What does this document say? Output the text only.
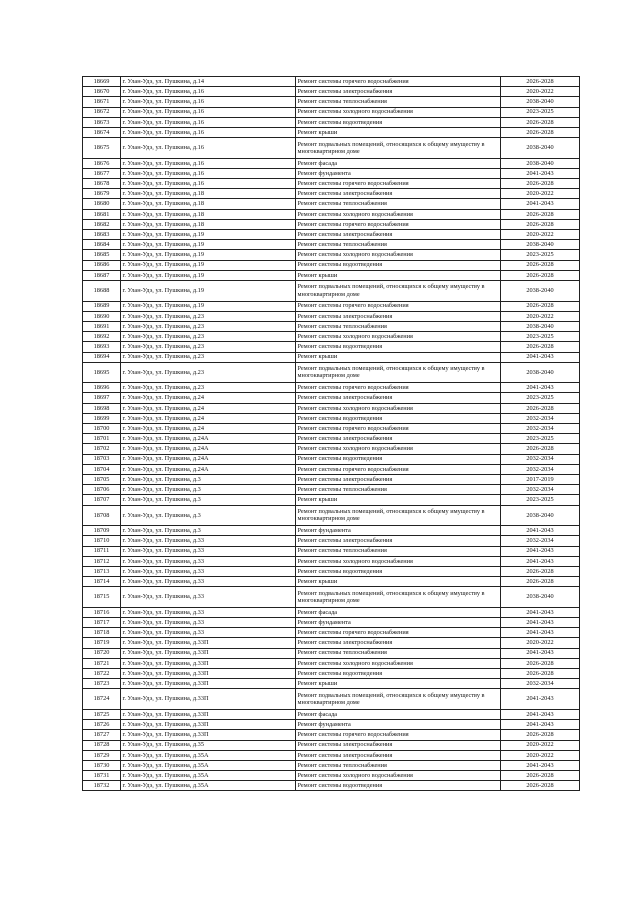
18669	г. Улан-Удэ, ул. Пушкина, д.14	Ремонт системы горячего водоснабжения	2026-2028
18670	г. Улан-Удэ, ул. Пушкина, д.16	Ремонт системы электроснабжения	2020-2022
18671	г. Улан-Удэ, ул. Пушкина, д.16	Ремонт системы теплоснабжения	2038-2040
18672	г. Улан-Удэ, ул. Пушкина, д.16	Ремонт системы холодного водоснабжения	2023-2025
18673	г. Улан-Удэ, ул. Пушкина, д.16	Ремонт системы водоотведения	2026-2028
18674	г. Улан-Удэ, ул. Пушкина, д.16	Ремонт крыши	2026-2028
18675	г. Улан-Удэ, ул. Пушкина, д.16	Ремонт подвальных помещений, относящихся к общему имуществу в многоквартирном доме	2038-2040
18676	г. Улан-Удэ, ул. Пушкина, д.16	Ремонт фасада	2038-2040
18677	г. Улан-Удэ, ул. Пушкина, д.16	Ремонт фундамента	2041-2043
18678	г. Улан-Удэ, ул. Пушкина, д.16	Ремонт системы горячего водоснабжения	2026-2028
18679	г. Улан-Удэ, ул. Пушкина, д.18	Ремонт системы электроснабжения	2020-2022
18680	г. Улан-Удэ, ул. Пушкина, д.18	Ремонт системы теплоснабжения	2041-2043
18681	г. Улан-Удэ, ул. Пушкина, д.18	Ремонт системы холодного водоснабжения	2026-2028
18682	г. Улан-Удэ, ул. Пушкина, д.18	Ремонт системы горячего водоснабжения	2026-2028
18683	г. Улан-Удэ, ул. Пушкина, д.19	Ремонт системы электроснабжения	2020-2022
18684	г. Улан-Удэ, ул. Пушкина, д.19	Ремонт системы теплоснабжения	2038-2040
18685	г. Улан-Удэ, ул. Пушкина, д.19	Ремонт системы холодного водоснабжения	2023-2025
18686	г. Улан-Удэ, ул. Пушкина, д.19	Ремонт системы водоотведения	2026-2028
18687	г. Улан-Удэ, ул. Пушкина, д.19	Ремонт крыши	2026-2028
18688	г. Улан-Удэ, ул. Пушкина, д.19	Ремонт подвальных помещений, относящихся к общему имуществу в многоквартирном доме	2038-2040
18689	г. Улан-Удэ, ул. Пушкина, д.19	Ремонт системы горячего водоснабжения	2026-2028
18690	г. Улан-Удэ, ул. Пушкина, д.23	Ремонт системы электроснабжения	2020-2022
18691	г. Улан-Удэ, ул. Пушкина, д.23	Ремонт системы теплоснабжения	2038-2040
18692	г. Улан-Удэ, ул. Пушкина, д.23	Ремонт системы холодного водоснабжения	2023-2025
18693	г. Улан-Удэ, ул. Пушкина, д.23	Ремонт системы водоотведения	2026-2028
18694	г. Улан-Удэ, ул. Пушкина, д.23	Ремонт крыши	2041-2043
18695	г. Улан-Удэ, ул. Пушкина, д.23	Ремонт подвальных помещений, относящихся к общему имуществу в многоквартирном доме	2038-2040
18696	г. Улан-Удэ, ул. Пушкина, д.23	Ремонт системы горячего водоснабжения	2041-2043
18697	г. Улан-Удэ, ул. Пушкина, д.24	Ремонт системы электроснабжения	2023-2025
18698	г. Улан-Удэ, ул. Пушкина, д.24	Ремонт системы холодного водоснабжения	2026-2028
18699	г. Улан-Удэ, ул. Пушкина, д.24	Ремонт системы водоотведения	2032-2034
18700	г. Улан-Удэ, ул. Пушкина, д.24	Ремонт системы горячего водоснабжения	2032-2034
18701	г. Улан-Удэ, ул. Пушкина, д.24А	Ремонт системы электроснабжения	2023-2025
18702	г. Улан-Удэ, ул. Пушкина, д.24А	Ремонт системы холодного водоснабжения	2026-2028
18703	г. Улан-Удэ, ул. Пушкина, д.24А	Ремонт системы водоотведения	2032-2034
18704	г. Улан-Удэ, ул. Пушкина, д.24А	Ремонт системы горячего водоснабжения	2032-2034
18705	г. Улан-Удэ, ул. Пушкина, д.3	Ремонт системы электроснабжения	2017-2019
18706	г. Улан-Удэ, ул. Пушкина, д.3	Ремонт системы теплоснабжения	2032-2034
18707	г. Улан-Удэ, ул. Пушкина, д.3	Ремонт крыши	2023-2025
18708	г. Улан-Удэ, ул. Пушкина, д.3	Ремонт подвальных помещений, относящихся к общему имуществу в многоквартирном доме	2038-2040
18709	г. Улан-Удэ, ул. Пушкина, д.3	Ремонт фундамента	2041-2043
18710	г. Улан-Удэ, ул. Пушкина, д.33	Ремонт системы электроснабжения	2032-2034
18711	г. Улан-Удэ, ул. Пушкина, д.33	Ремонт системы теплоснабжения	2041-2043
18712	г. Улан-Удэ, ул. Пушкина, д.33	Ремонт системы холодного водоснабжения	2041-2043
18713	г. Улан-Удэ, ул. Пушкина, д.33	Ремонт системы водоотведения	2026-2028
18714	г. Улан-Удэ, ул. Пушкина, д.33	Ремонт крыши	2026-2028
18715	г. Улан-Удэ, ул. Пушкина, д.33	Ремонт подвальных помещений, относящихся к общему имуществу в многоквартирном доме	2038-2040
18716	г. Улан-Удэ, ул. Пушкина, д.33	Ремонт фасада	2041-2043
18717	г. Улан-Удэ, ул. Пушкина, д.33	Ремонт фундамента	2041-2043
18718	г. Улан-Удэ, ул. Пушкина, д.33	Ремонт системы горячего водоснабжения	2041-2043
18719	г. Улан-Удэ, ул. Пушкина, д.33П	Ремонт системы электроснабжения	2020-2022
18720	г. Улан-Удэ, ул. Пушкина, д.33П	Ремонт системы теплоснабжения	2041-2043
18721	г. Улан-Удэ, ул. Пушкина, д.33П	Ремонт системы холодного водоснабжения	2026-2028
18722	г. Улан-Удэ, ул. Пушкина, д.33П	Ремонт системы водоотведения	2026-2028
18723	г. Улан-Удэ, ул. Пушкина, д.33П	Ремонт крыши	2032-2034
18724	г. Улан-Удэ, ул. Пушкина, д.33П	Ремонт подвальных помещений, относящихся к общему имуществу в многоквартирном доме	2041-2043
18725	г. Улан-Удэ, ул. Пушкина, д.33П	Ремонт фасада	2041-2043
18726	г. Улан-Удэ, ул. Пушкина, д.33П	Ремонт фундамента	2041-2043
18727	г. Улан-Удэ, ул. Пушкина, д.33П	Ремонт системы горячего водоснабжения	2026-2028
18728	г. Улан-Удэ, ул. Пушкина, д.35	Ремонт системы электроснабжения	2020-2022
18729	г. Улан-Удэ, ул. Пушкина, д.35А	Ремонт системы электроснабжения	2020-2022
18730	г. Улан-Удэ, ул. Пушкина, д.35А	Ремонт системы теплоснабжения	2041-2043
18731	г. Улан-Удэ, ул. Пушкина, д.35А	Ремонт системы холодного водоснабжения	2026-2028
18732	г. Улан-Удэ, ул. Пушкина, д.35А	Ремонт системы водоотведения	2026-2028
